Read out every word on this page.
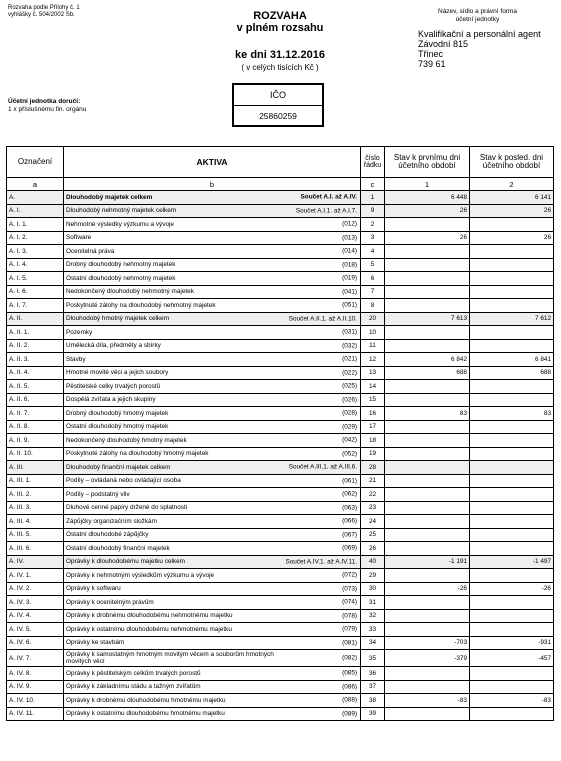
Rozvaha podle Přílohy č. 1
vyhlášky č. 504/2002 Sb.	ROZVAHA
v plném rozsahu
ke dni 31.12.2016
( v celých tisících Kč )
Název, sídlo a právní forma
účetní jednotky
Kvalifikační a personální agent
Závodní 815
Třinec
739 61
IČO
25860259
Účetní jednotka doručí:
1 x příslušnému fin. orgánu
Označení	AKTIVA	číslo řádku	Stav k prvnímu dni účetního období	Stav k posled. dni účetního období
a	b	c	1	2
A.	Dlouhodobý majetek celkem Součet A.I. až A.IV.	1	6 448	6 141
A. I.	Dlouhodobý nehmotný majetek celkem Součet A.I.1. až A.I.7.	9	26	26
A. I. 1.	Nehmotné výsledky výzkumu a vývoje (012)	2		
A. I. 2.	Software (013)	3	26	26
A. I. 3.	Ocenitelná práva (014)	4		
A. I. 4.	Drobný dlouhodobý nehmotný majetek (018)	5		
A. I. 5.	Ostatní dlouhodobý nehmotný majetek (019)	6		
A. I. 6.	Nedokončený dlouhodobý nehmotný majetek (041)	7		
A. I. 7.	Poskytnuté zálohy na dlouhodobý nehmotný majetek (051)	8		
A. II.	Dlouhodobý hmotný majetek celkem Součet A.II.1. až A.II.10.	20	7 613	7 612
A. II. 1.	Pozemky (031)	10		
A. II. 2.	Umělecká díla, předměty a sbírky (032)	11		
A. II. 3.	Stavby (021)	12	6 842	6 841
A. II. 4.	Hmotné movité věci a jejich soubory (022)	13	688	688
A. II. 5.	Pěstitelské celky trvalých porostů (025)	14		
A. II. 6.	Dospělá zvířata a jejich skupiny (026)	15		
A. II. 7.	Drobný dlouhodobý hmotný majetek (028)	16	83	83
A. II. 8.	Ostatní dlouhodobý hmotný majetek (029)	17		
A. II. 9.	Nedokončený dlouhodobý hmotný majetek (042)	18		
A. II. 10.	Poskytnuté zálohy na dlouhodobý hmotný majetek (052)	19		
A. III.	Dlouhodobý finanční majetek celkem Součet A.III.1. až A.III.6.	28		
A. III. 1.	Podíly – ovládaná nebo ovládající osoba (061)	21		
A. III. 2.	Podíly – podstatný vliv (062)	22		
A. III. 3.	Dluhové cenné papíry držené do splatnosti (063)	23		
A. III. 4.	Zápůjčky organizačním složkám (066)	24		
A. III. 5.	Ostatní dlouhodobé zápůjčky (067)	25		
A. III. 6.	Ostatní dlouhodobý finanční majetek (069)	26		
A. IV.	Oprávky k dlouhodobému majetku celkem Součet A.IV.1. až A.IV.11.	40	-1 191	-1 497
A. IV. 1.	Oprávky k nehmotným výsledkům výzkumu a vývoje (072)	29		
A. IV. 2.	Oprávky k softwaru (073)	30	-26	-26
A. IV. 3.	Oprávky k ocenitelným právům (074)	31		
A. IV. 4.	Oprávky k drobnému dlouhodobému nehmotnému majetku (078)	32		
A. IV. 5.	Oprávky k ostatnímu dlouhodobému nehmotnému majetku (079)	33		
A. IV. 6.	Oprávky ke stavbám (081)	34	-703	-931
A. IV. 7.	Oprávky k samostatným hmotným movitým věcem a souborům hmotných movitých věcí (082)	35	-379	-457
A. IV. 8.	Oprávky k pěstitelským celkům trvalých porostů (085)	36		
A. IV. 9.	Oprávky k základnímu stádu a tažným zvířatům (086)	37		
A. IV. 10.	Oprávky k drobnému dlouhodobému hmotnému majetku (088)	38	-83	-83
A. IV. 11.	Oprávky k ostatnímu dlouhodobému hmotnému majetku (089)	39		
